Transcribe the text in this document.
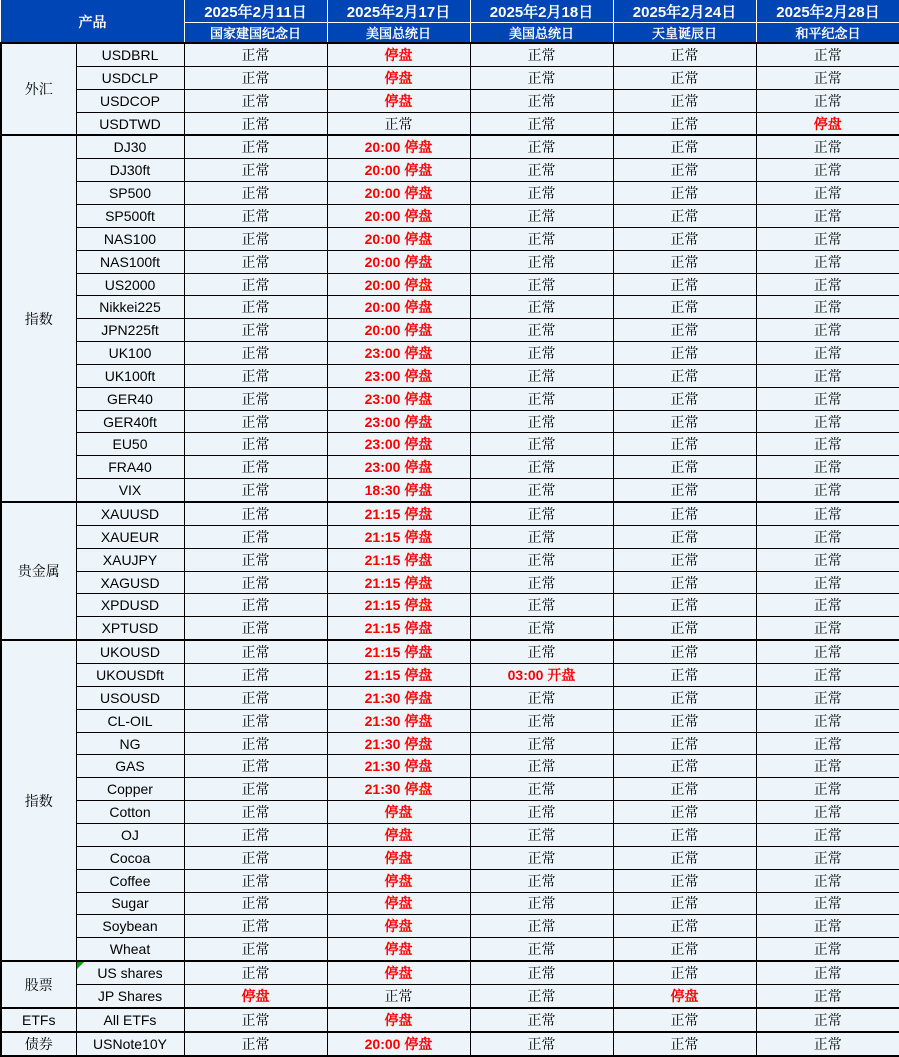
产品		2025年2月11日	2025年2月17日	2025年2月18日	2025年2月24日	2025年2月28日
		国家建国纪念日	美国总统日	美国总统日	天皇诞辰日	和平纪念日
外汇	USDBRL	正常	停盘	正常	正常	正常
	USDCLP	正常	停盘	正常	正常	正常
	USDCOP	正常	停盘	正常	正常	正常
	USDTWD	正常	正常	正常	正常	停盘
指数	DJ30	正常	20:00 停盘	正常	正常	正常
	DJ30ft	正常	20:00 停盘	正常	正常	正常
	SP500	正常	20:00 停盘	正常	正常	正常
	SP500ft	正常	20:00 停盘	正常	正常	正常
	NAS100	正常	20:00 停盘	正常	正常	正常
	NAS100ft	正常	20:00 停盘	正常	正常	正常
	US2000	正常	20:00 停盘	正常	正常	正常
	Nikkei225	正常	20:00 停盘	正常	正常	正常
	JPN225ft	正常	20:00 停盘	正常	正常	正常
	UK100	正常	23:00 停盘	正常	正常	正常
	UK100ft	正常	23:00 停盘	正常	正常	正常
	GER40	正常	23:00 停盘	正常	正常	正常
	GER40ft	正常	23:00 停盘	正常	正常	正常
	EU50	正常	23:00 停盘	正常	正常	正常
	FRA40	正常	23:00 停盘	正常	正常	正常
	VIX	正常	18:30 停盘	正常	正常	正常
贵金属	XAUUSD	正常	21:15 停盘	正常	正常	正常
	XAUEUR	正常	21:15 停盘	正常	正常	正常
	XAUJPY	正常	21:15 停盘	正常	正常	正常
	XAGUSD	正常	21:15 停盘	正常	正常	正常
	XPDUSD	正常	21:15 停盘	正常	正常	正常
	XPTUSD	正常	21:15 停盘	正常	正常	正常
指数	UKOUSD	正常	21:15 停盘	正常	正常	正常
	UKOUSDft	正常	21:15 停盘	03:00 开盘	正常	正常
	USOUSD	正常	21:30 停盘	正常	正常	正常
	CL-OIL	正常	21:30 停盘	正常	正常	正常
	NG	正常	21:30 停盘	正常	正常	正常
	GAS	正常	21:30 停盘	正常	正常	正常
	Copper	正常	21:30 停盘	正常	正常	正常
	Cotton	正常	停盘	正常	正常	正常
	OJ	正常	停盘	正常	正常	正常
	Cocoa	正常	停盘	正常	正常	正常
	Coffee	正常	停盘	正常	正常	正常
	Sugar	正常	停盘	正常	正常	正常
	Soybean	正常	停盘	正常	正常	正常
	Wheat	正常	停盘	正常	正常	正常
股票	US shares	正常	停盘	正常	正常	正常
	JP Shares	停盘	正常	正常	停盘	正常
ETFs	All ETFs	正常	停盘	正常	正常	正常
债券	USNote10Y	正常	20:00 停盘	正常	正常	正常
